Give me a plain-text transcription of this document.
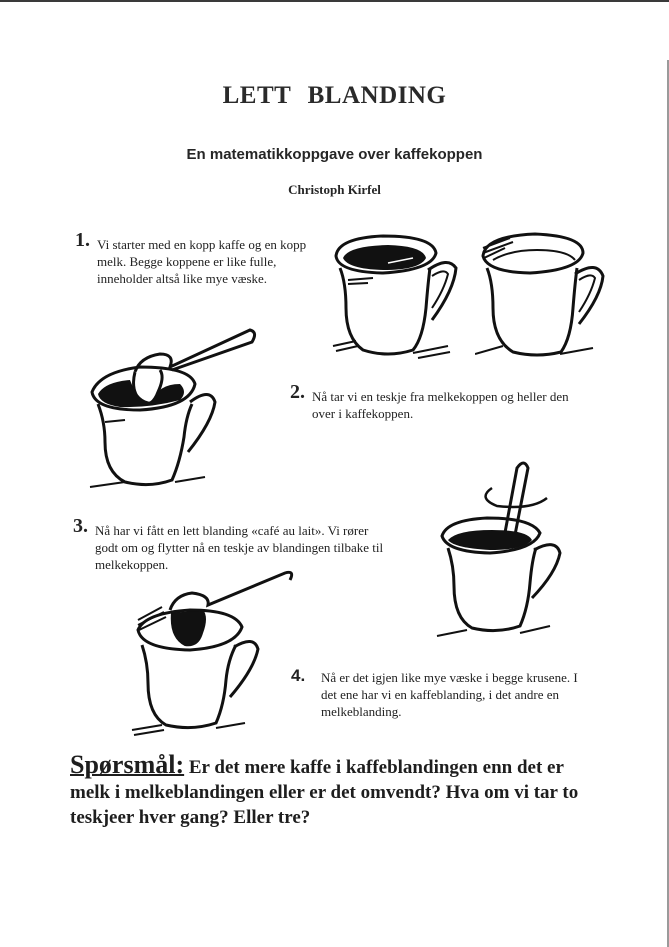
LETT BLANDING
En matematikkoppgave over kaffekoppen
Christoph Kirfel
1. Vi starter med en kopp kaffe og en kopp melk. Begge koppene er like fulle, inneholder altså like mye væske.
2. Nå tar vi en teskje fra melkekoppen og heller den over i kaffekoppen.
3. Nå har vi fått en lett blanding «café au lait». Vi rører godt om og flytter nå en teskje av blandingen tilbake til melkekoppen.
4. Nå er det igjen like mye væske i begge krusene. I det ene har vi en kaffeblanding, i det andre en melkeblanding.
Spørsmål: Er det mere kaffe i kaffeblandingen enn det er melk i melkeblandingen eller er det omvendt? Hva om vi tar to teskjeer hver gang? Eller tre?
